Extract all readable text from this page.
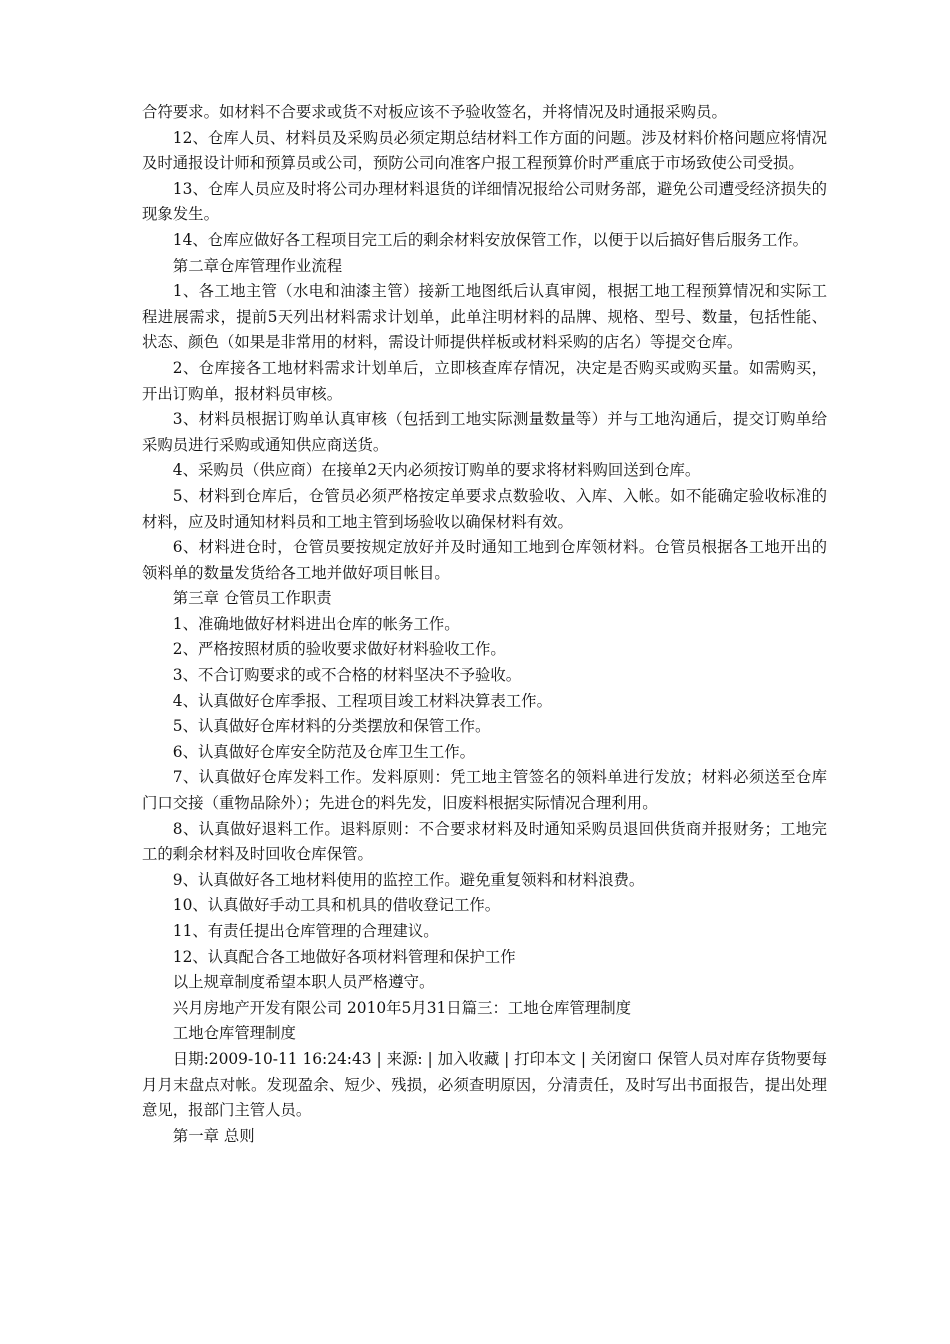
合符要求。如材料不合要求或货不对板应该不予验收签名，并将情况及时通报采购员。

12、仓库人员、材料员及采购员必须定期总结材料工作方面的问题。涉及材料价格问题应将情况及时通报设计师和预算员或公司，预防公司向准客户报工程预算价时严重底于市场致使公司受损。

13、仓库人员应及时将公司办理材料退货的详细情况报给公司财务部，避免公司遭受经济损失的现象发生。

14、仓库应做好各工程项目完工后的剩余材料安放保管工作，以便于以后搞好售后服务工作。

第二章仓库管理作业流程

1、各工地主管（水电和油漆主管）接新工地图纸后认真审阅，根据工地工程预算情况和实际工程进展需求，提前5天列出材料需求计划单，此单注明材料的品牌、规格、型号、数量，包括性能、状态、颜色（如果是非常用的材料，需设计师提供样板或材料采购的店名）等提交仓库。

2、仓库接各工地材料需求计划单后，立即核查库存情况，决定是否购买或购买量。如需购买，开出订购单，报材料员审核。

3、材料员根据订购单认真审核（包括到工地实际测量数量等）并与工地沟通后，提交订购单给采购员进行采购或通知供应商送货。

4、采购员（供应商）在接单2天内必须按订购单的要求将材料购回送到仓库。

5、材料到仓库后，仓管员必须严格按定单要求点数验收、入库、入帐。如不能确定验收标准的材料，应及时通知材料员和工地主管到场验收以确保材料有效。

6、材料进仓时，仓管员要按规定放好并及时通知工地到仓库领材料。仓管员根据各工地开出的领料单的数量发货给各工地并做好项目帐目。

第三章 仓管员工作职责

1、准确地做好材料进出仓库的帐务工作。

2、严格按照材质的验收要求做好材料验收工作。

3、不合订购要求的或不合格的材料坚决不予验收。

4、认真做好仓库季报、工程项目竣工材料决算表工作。

5、认真做好仓库材料的分类摆放和保管工作。

6、认真做好仓库安全防范及仓库卫生工作。

7、认真做好仓库发料工作。发料原则：凭工地主管签名的领料单进行发放；材料必须送至仓库门口交接（重物品除外）；先进仓的料先发，旧废料根据实际情况合理利用。

8、认真做好退料工作。退料原则：不合要求材料及时通知采购员退回供货商并报财务；工地完工的剩余材料及时回收仓库保管。

9、认真做好各工地材料使用的监控工作。避免重复领料和材料浪费。

10、认真做好手动工具和机具的借收登记工作。

11、有责任提出仓库管理的合理建议。

12、认真配合各工地做好各项材料管理和保护工作

以上规章制度希望本职人员严格遵守。

兴月房地产开发有限公司 2010年5月31日篇三：工地仓库管理制度

工地仓库管理制度

日期:2009-10-11 16:24:43 | 来源: | 加入收藏 | 打印本文 | 关闭窗口 保管人员对库存货物要每月月末盘点对帐。发现盈余、短少、残损，必须查明原因，分清责任，及时写出书面报告，提出处理意见，报部门主管人员。

第一章 总则
